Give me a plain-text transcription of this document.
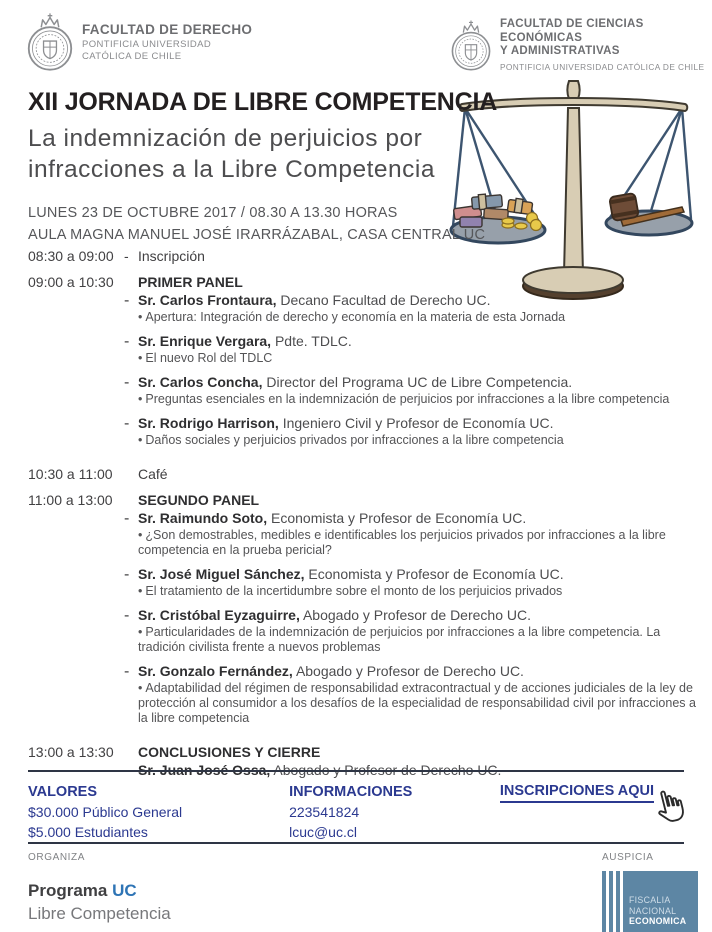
FACULTAD DE DERECHO
PONTIFICIA UNIVERSIDAD
CATÓLICA DE CHILE
FACULTAD DE CIENCIAS ECONÓMICAS
Y ADMINISTRATIVAS
PONTIFICIA UNIVERSIDAD CATÓLICA DE CHILE
XII JORNADA DE LIBRE COMPETENCIA
La indemnización de perjuicios por
infracciones a la Libre Competencia
LUNES 23 DE OCTUBRE 2017 / 08.30 A 13.30 HORAS
AULA MAGNA MANUEL JOSÉ IRARRÁZABAL, CASA CENTRAL UC
08:30 a 09:00 - Inscripción
09:00 a 10:30	PRIMER PANEL
- Sr. Carlos Frontaura, Decano Facultad de Derecho UC.
• Apertura: Integración de derecho y economía en la materia de esta Jornada
- Sr. Enrique Vergara, Pdte. TDLC.
• El nuevo Rol del TDLC
- Sr. Carlos Concha, Director del Programa UC de Libre Competencia.
• Preguntas esenciales en la indemnización de perjuicios por infracciones a la libre competencia
- Sr. Rodrigo Harrison, Ingeniero Civil y Profesor de Economía UC.
• Daños sociales y perjuicios privados por infracciones a la libre competencia
10:30 a 11:00	Café
11:00 a 13:00	SEGUNDO PANEL
- Sr. Raimundo Soto, Economista y Profesor de Economía UC.
• ¿Son demostrables, medibles e identificables los perjuicios privados por infracciones a la libre competencia en la prueba pericial?
- Sr. José Miguel Sánchez, Economista y Profesor de Economía UC.
• El tratamiento de la incertidumbre sobre el monto de los perjuicios privados
- Sr. Cristóbal Eyzaguirre, Abogado y Profesor de Derecho UC.
• Particularidades de la indemnización de perjuicios por infracciones a la libre competencia. La tradición civilista frente a nuevos problemas
- Sr. Gonzalo Fernández, Abogado y Profesor de Derecho UC.
• Adaptabilidad del régimen de responsabilidad extracontractual y de acciones judiciales de la ley de protección al consumidor a los desafíos de la especialidad de responsabilidad civil por infracciones a la libre competencia
13:00 a 13:30	CONCLUSIONES Y CIERRE
- Sr. Juan José Ossa, Abogado y Profesor de Derecho UC.
VALORES
$30.000 Público General
$5.000 Estudiantes
INFORMACIONES
223541824
lcuc@uc.cl
INSCRIPCIONES AQUI
ORGANIZA
Programa UC
Libre Competencia
AUSPICIA
FISCALIA
NACIONAL
ECONOMICA
